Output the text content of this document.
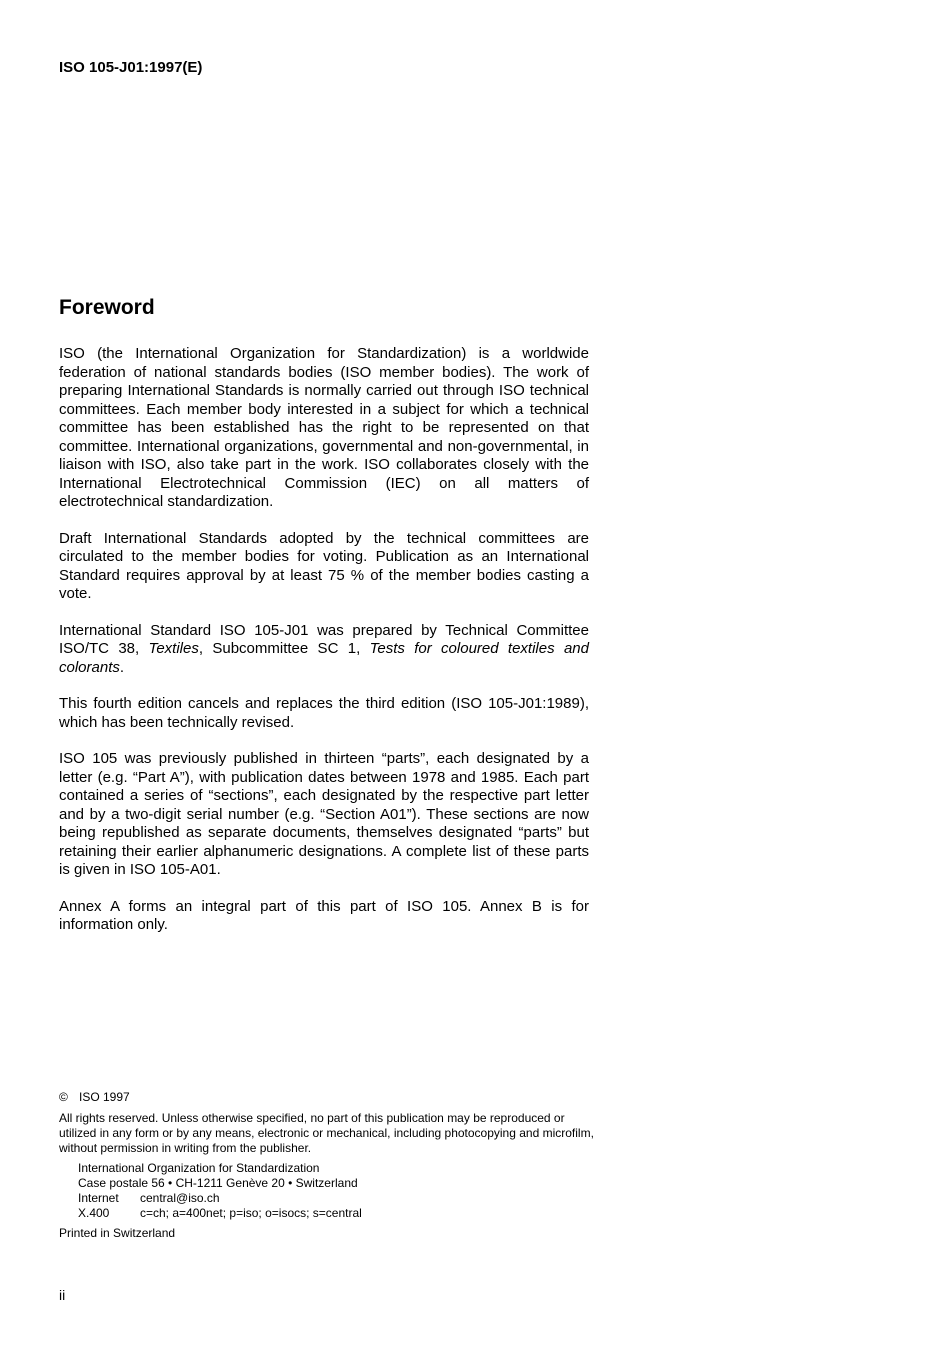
ISO 105-J01:1997(E)
Foreword

ISO (the International Organization for Standardization) is a worldwide federation of national standards bodies (ISO member bodies). The work of preparing International Standards is normally carried out through ISO technical committees. Each member body interested in a subject for which a technical committee has been established has the right to be represented on that committee. International organizations, governmental and non-governmental, in liaison with ISO, also take part in the work. ISO collaborates closely with the International Electrotechnical Commission (IEC) on all matters of electrotechnical standardization.

Draft International Standards adopted by the technical committees are circulated to the member bodies for voting. Publication as an International Standard requires approval by at least 75 % of the member bodies casting a vote.

International Standard ISO 105-J01 was prepared by Technical Committee ISO/TC 38, Textiles, Subcommittee SC 1, Tests for coloured textiles and colorants.

This fourth edition cancels and replaces the third edition (ISO 105-J01:1989), which has been technically revised.

ISO 105 was previously published in thirteen “parts”, each designated by a letter (e.g. “Part A”), with publication dates between 1978 and 1985. Each part contained a series of “sections”, each designated by the respective part letter and by a two-digit serial number (e.g. “Section A01”). These sections are now being republished as separate documents, themselves designated “parts” but retaining their earlier alphanumeric designations. A complete list of these parts is given in ISO 105-A01.

Annex A forms an integral part of this part of ISO 105. Annex B is for information only.

© ISO 1997
All rights reserved. Unless otherwise specified, no part of this publication may be reproduced or utilized in any form or by any means, electronic or mechanical, including photocopying and microfilm, without permission in writing from the publisher.
International Organization for Standardization
Case postale 56 • CH-1211 Genève 20 • Switzerland
Internet central@iso.ch
X.400	c=ch; a=400net; p=iso; o=isocs; s=central
Printed in Switzerland
ii
